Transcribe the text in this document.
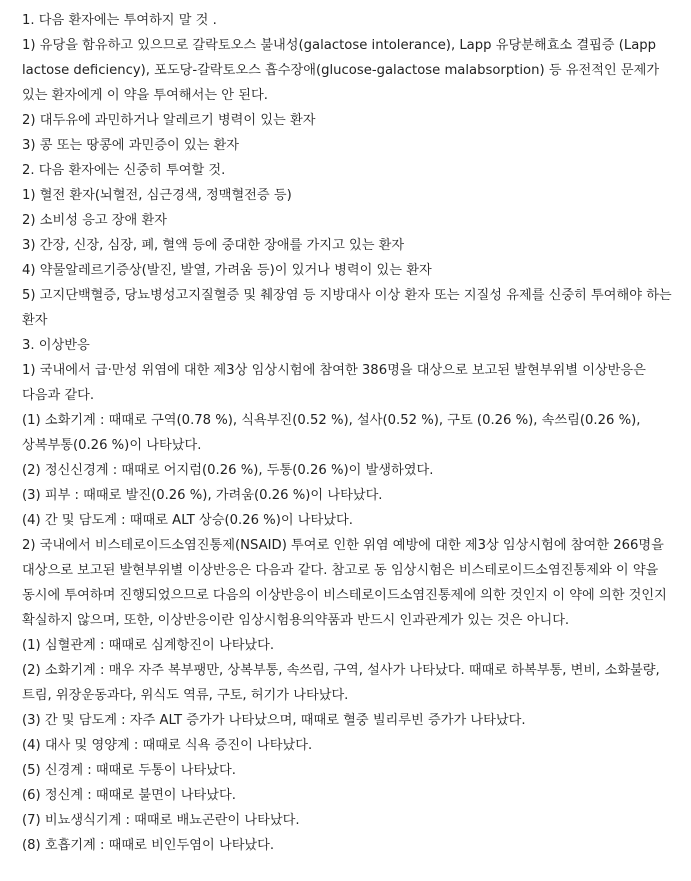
1. 다음 환자에는 투여하지 말 것 .

1) 유당을 함유하고 있으므로 갈락토오스 불내성(galactose intolerance), Lapp 유당분해효소 결핍증 (Lapp lactose deficiency), 포도당-갈락토오스 흡수장애(glucose-galactose malabsorption) 등 유전적인 문제가 있는 환자에게 이 약을 투여해서는 안 된다.

2) 대두유에 과민하거나 알레르기 병력이 있는 환자

3) 콩 또는 땅콩에 과민증이 있는 환자

2. 다음 환자에는 신중히 투여할 것.

1) 혈전 환자(뇌혈전, 심근경색, 정맥혈전증 등)

2) 소비성 응고 장애 환자

3) 간장, 신장, 심장, 폐, 혈액 등에 중대한 장애를 가지고 있는 환자

4) 약물알레르기증상(발진, 발열, 가려움 등)이 있거나 병력이 있는 환자

5) 고지단백혈증, 당뇨병성고지질혈증 및 췌장염 등 지방대사 이상 환자 또는 지질성 유제를 신중히 투여해야 하는 환자

3. 이상반응

1) 국내에서 급·만성 위염에 대한 제3상 임상시험에 참여한 386명을 대상으로 보고된 발현부위별 이상반응은 다음과 같다.

(1) 소화기계 : 때때로 구역(0.78 %), 식욕부진(0.52 %), 설사(0.52 %), 구토 (0.26 %), 속쓰림(0.26 %), 상복부통(0.26 %)이 나타났다.

(2) 정신신경계 : 때때로 어지럼(0.26 %), 두통(0.26 %)이 발생하였다.

(3) 피부 : 때때로 발진(0.26 %), 가려움(0.26 %)이 나타났다.

(4) 간 및 담도계 : 때때로 ALT 상승(0.26 %)이 나타났다.

2) 국내에서 비스테로이드소염진통제(NSAID) 투여로 인한 위염 예방에 대한 제3상 임상시험에 참여한 266명을 대상으로 보고된 발현부위별 이상반응은 다음과 같다. 참고로 동 임상시험은 비스테로이드소염진통제와 이 약을 동시에 투여하며 진행되었으므로 다음의 이상반응이 비스테로이드소염진통제에 의한 것인지 이 약에 의한 것인지 확실하지 않으며, 또한, 이상반응이란 임상시험용의약품과 반드시 인과관계가 있는 것은 아니다.

(1) 심혈관계 : 때때로 심계항진이 나타났다.

(2) 소화기계 : 매우 자주 복부팽만, 상복부통, 속쓰림, 구역, 설사가 나타났다. 때때로 하복부통, 변비, 소화불량, 트림, 위장운동과다, 위식도 역류, 구토, 허기가 나타났다.

(3) 간 및 담도계 : 자주 ALT 증가가 나타났으며, 때때로 혈중 빌리루빈 증가가 나타났다.

(4) 대사 및 영양계 : 때때로 식욕 증진이 나타났다.

(5) 신경계 : 때때로 두통이 나타났다.

(6) 정신계 : 때때로 불면이 나타났다.

(7) 비뇨생식기계 : 때때로 배뇨곤란이 나타났다.

(8) 호흡기계 : 때때로 비인두염이 나타났다.
